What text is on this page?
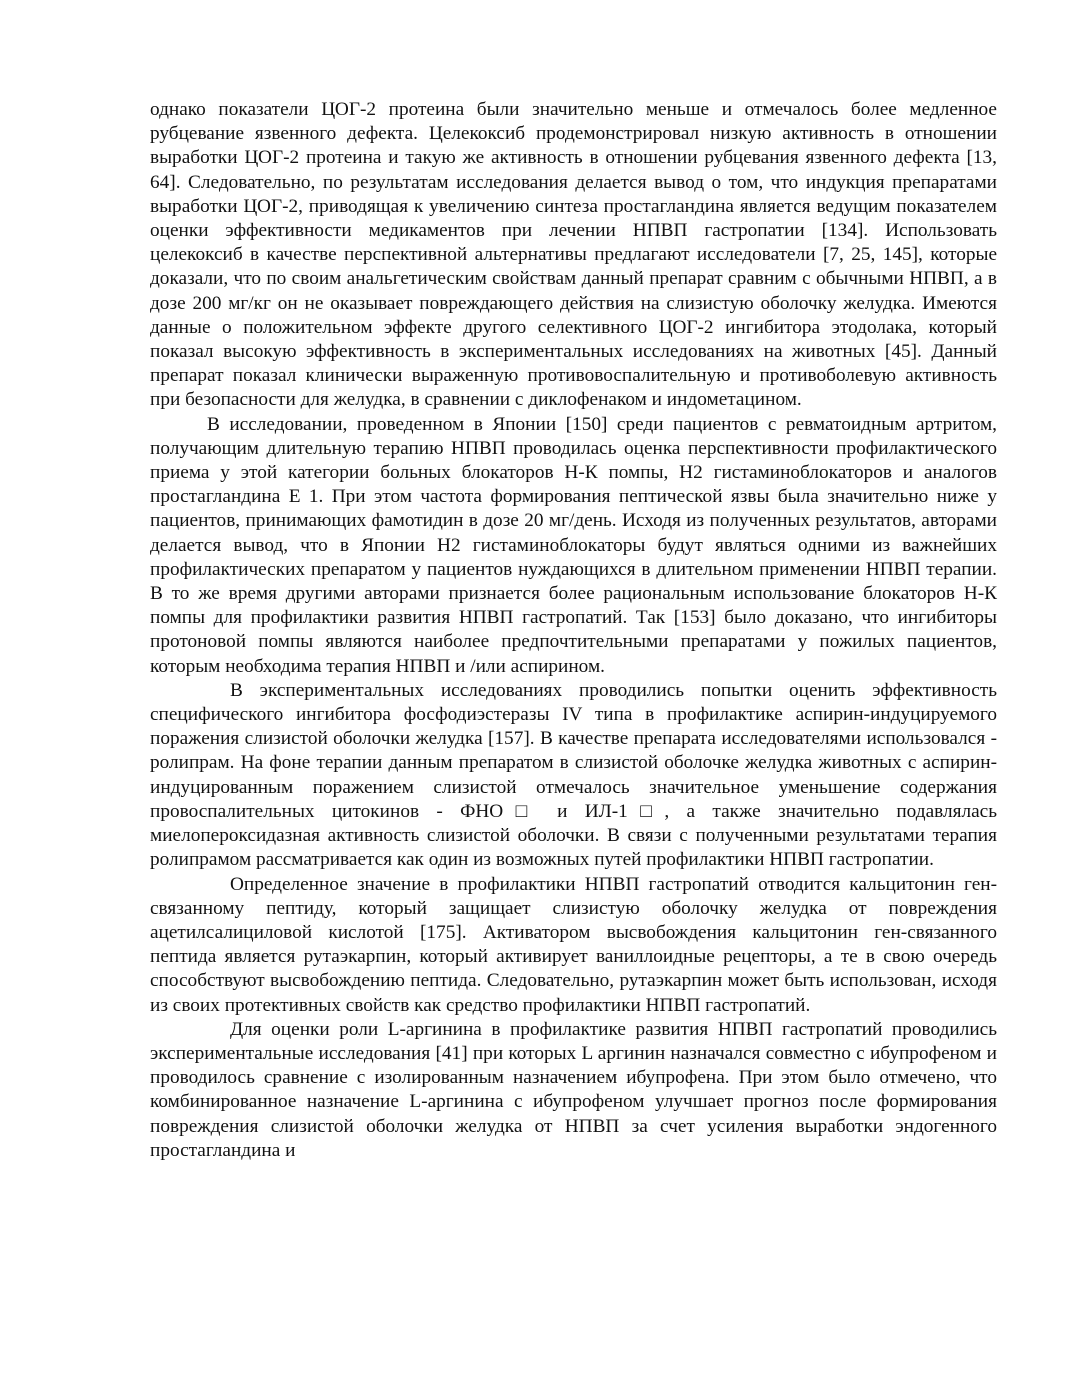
однако показатели ЦОГ-2 протеина были значительно меньше и отмечалось более медленное рубцевание язвенного дефекта. Целекоксиб продемонстрировал низкую активность в отношении выработки ЦОГ-2 протеина и такую же активность в отношении рубцевания язвенного дефекта [13, 64]. Следовательно, по результатам исследования делается вывод о том, что индукция препаратами выработки ЦОГ-2, приводящая к увеличению синтеза простагландина является ведущим показателем оценки эффективности медикаментов при лечении НПВП гастропатии [134]. Использовать целекоксиб в качестве перспективной альтернативы предлагают исследователи [7, 25, 145], которые доказали, что по своим анальгетическим свойствам данный препарат сравним с обычными НПВП, а в дозе 200 мг/кг он не оказывает повреждающего действия на слизистую оболочку желудка. Имеются данные о положительном эффекте другого селективного ЦОГ-2 ингибитора этодолака, который показал высокую эффективность в экспериментальных исследованиях на животных [45]. Данный препарат показал клинически выраженную противовоспалительную и противоболевую активность при безопасности для желудка, в сравнении с диклофенаком и индометацином.

В исследовании, проведенном в Японии [150] среди пациентов с ревматоидным артритом, получающим длительную терапию НПВП проводилась оценка перспективности профилактического приема у этой категории больных блокаторов Н-К помпы, Н2 гистаминоблокаторов и аналогов простагландина Е 1. При этом частота формирования пептической язвы была значительно ниже у пациентов, принимающих фамотидин в дозе 20 мг/день. Исходя из полученных результатов, авторами делается вывод, что в Японии Н2 гистаминоблокаторы будут являться одними из важнейших профилактических препаратом у пациентов нуждающихся в длительном применении НПВП терапии. В то же время другими авторами признается более рациональным использование блокаторов Н-К помпы для профилактики развития НПВП гастропатий. Так [153] было доказано, что ингибиторы протоновой помпы являются наиболее предпочтительными препаратами у пожилых пациентов, которым необходима терапия НПВП и /или аспирином.

В экспериментальных исследованиях проводились попытки оценить эффективность специфического ингибитора фосфодиэстеразы IV типа в профилактике аспирин-индуцируемого поражения слизистой оболочки желудка [157]. В качестве препарата исследователями использовался - ролипрам. На фоне терапии данным препаратом в слизистой оболочке желудка животных с аспирин-индуцированным поражением слизистой отмечалось значительное уменьшение содержания провоспалительных цитокинов - ФНО□ и ИЛ-1□, а также значительно подавлялась миелопероксидазная активность слизистой оболочки. В связи с полученными результатами терапия ролипрамом рассматривается как один из возможных путей профилактики НПВП гастропатии.

Определенное значение в профилактики НПВП гастропатий отводится кальцитонин ген-связанному пептиду, который защищает слизистую оболочку желудка от повреждения ацетилсалициловой кислотой [175]. Активатором высвобождения кальцитонин ген-связанного пептида является рутаэкарпин, который активирует ваниллоидные рецепторы, а те в свою очередь способствуют высвобождению пептида. Следовательно, рутаэкарпин может быть использован, исходя из своих протективных свойств как средство профилактики НПВП гастропатий.

Для оценки роли L-аргинина в профилактике развития НПВП гастропатий проводились экспериментальные исследования [41] при которых L аргинин назначался совместно с ибупрофеном и проводилось сравнение с изолированным назначением ибупрофена. При этом было отмечено, что комбинированное назначение L-аргинина с ибупрофеном улучшает прогноз после формирования повреждения слизистой оболочки желудка от НПВП за счет усиления выработки эндогенного простагландина и
